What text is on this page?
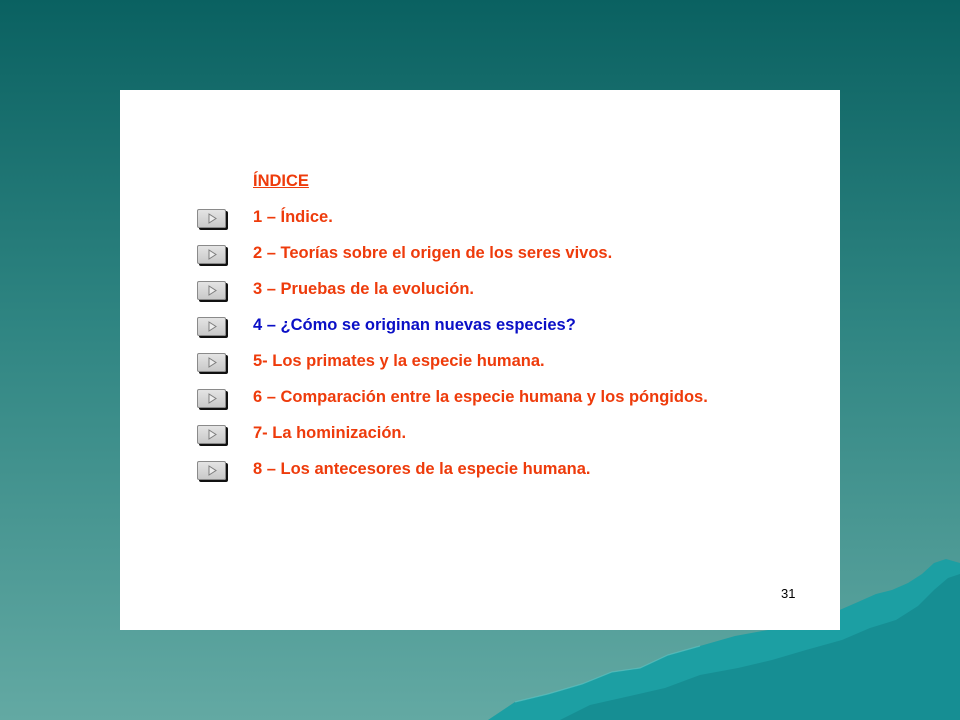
ÍNDICE
1 – Índice.
2 – Teorías sobre el origen de los seres vivos.
3 – Pruebas de la evolución.
4 – ¿Cómo se originan nuevas especies?
5- Los primates y la especie humana.
6 – Comparación entre la especie humana y los póngidos.
7- La hominización.
8 – Los antecesores de la especie humana.
31
